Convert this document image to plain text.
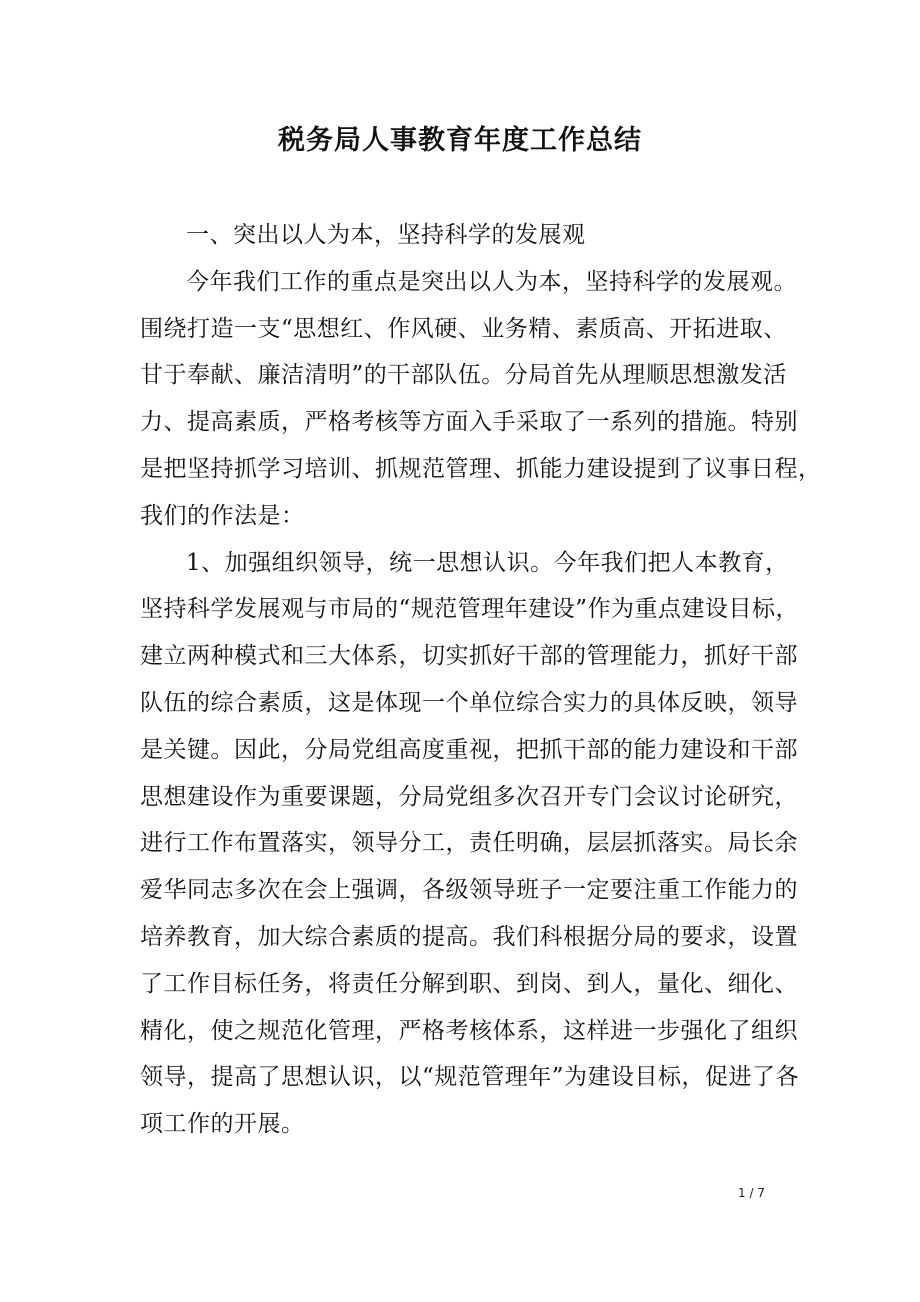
税务局人事教育年度工作总结
一、突出以人为本，坚持科学的发展观
今年我们工作的重点是突出以人为本，坚持科学的发展观。
围绕打造一支“思想红、作风硬、业务精、素质高、开拓进取、
甘于奉献、廉洁清明”的干部队伍。分局首先从理顺思想激发活
力、提高素质，严格考核等方面入手采取了一系列的措施。特别
是把坚持抓学习培训、抓规范管理、抓能力建设提到了议事日程，
我们的作法是：
1、加强组织领导，统一思想认识。今年我们把人本教育，
坚持科学发展观与市局的“规范管理年建设”作为重点建设目标，
建立两种模式和三大体系，切实抓好干部的管理能力，抓好干部
队伍的综合素质，这是体现一个单位综合实力的具体反映，领导
是关键。因此，分局党组高度重视，把抓干部的能力建设和干部
思想建设作为重要课题，分局党组多次召开专门会议讨论研究，
进行工作布置落实，领导分工，责任明确，层层抓落实。局长余
爱华同志多次在会上强调，各级领导班子一定要注重工作能力的
培养教育，加大综合素质的提高。我们科根据分局的要求，设置
了工作目标任务，将责任分解到职、到岗、到人，量化、细化、
精化，使之规范化管理，严格考核体系，这样进一步强化了组织
领导，提高了思想认识，以“规范管理年”为建设目标，促进了各
项工作的开展。
1 / 7
